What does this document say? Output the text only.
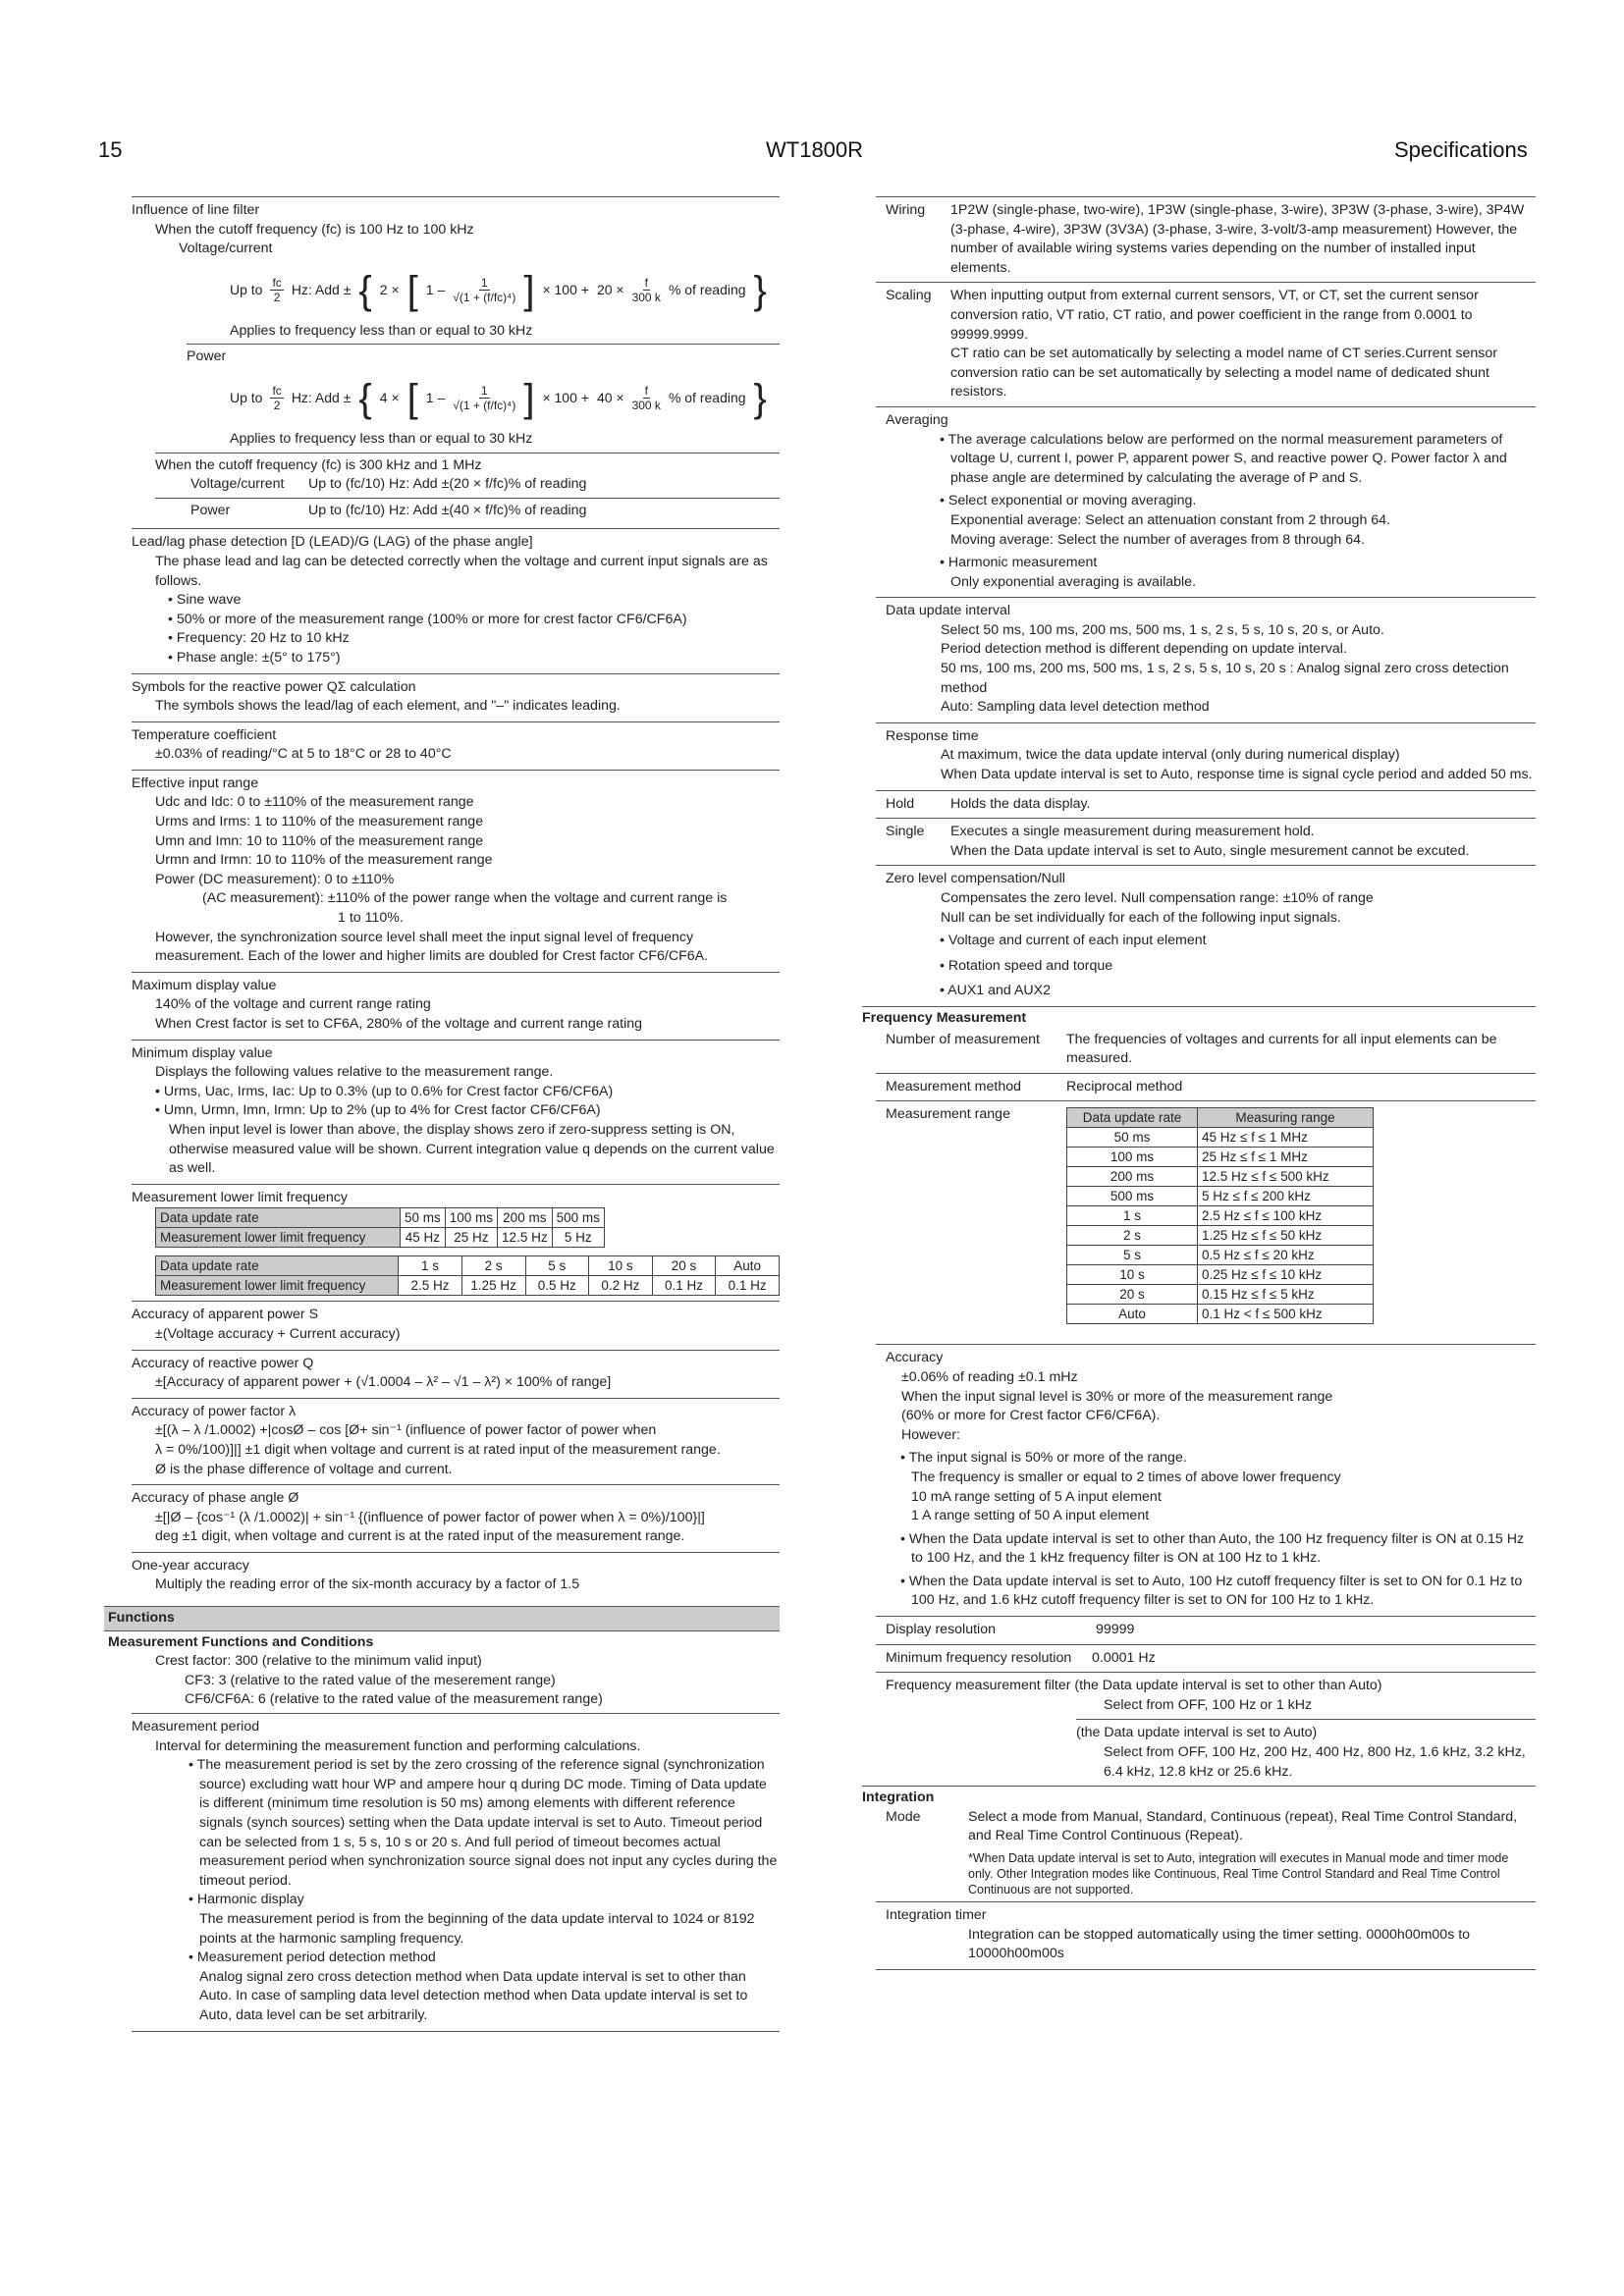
15	WT1800R	Specifications
Influence of line filter
When the cutoff frequency (fc) is 100 Hz to 100 kHz
Voltage/current
Up to $\frac{fc}{2} Hz$: Add ± { 2 × [ $1 - \frac{1}{\text{√(1 + (f/fc)⁴)}}$ ] × $100 + 20 \times \frac{f}{300 k}$ % of reading }
Applies to frequency less than or equal to 30 kHz
Power
Up to $\frac{fc}{2} Hz$: Add ± { 4 × [ $1 - \frac{1}{\text{√(1 + (f/fc)⁴)}}$ ] × $100 + 40 \times \frac{f}{300 k}$ % of reading }
Applies to frequency less than or equal to 30 kHz
When the cutoff frequency (fc) is 300 kHz and 1 MHz
Voltage/current	Up to (fc/10) Hz: Add ±(20 × f/fc)% of reading
Power	Up to (fc/10) Hz: Add ±(40 × f/fc)% of reading
Lead/lag phase detection [D (LEAD)/G (LAG) of the phase angle]
The phase lead and lag can be detected correctly when the voltage and current input signals are as follows.
• Sine wave
• 50% or more of the measurement range (100% or more for crest factor CF6/CF6A)
• Frequency: 20 Hz to 10 kHz
• Phase angle: ±(5° to 175°)
Symbols for the reactive power QΣ calculation
The symbols shows the lead/lag of each element, and "–" indicates leading.
Temperature coefficient
±0.03% of reading/°C at 5 to 18°C or 28 to 40°C
Effective input range
Udc and Idc: 0 to ±110% of the measurement range
Urms and Irms: 1 to 110% of the measurement range
Umn and Imn: 10 to 110% of the measurement range
Urmn and Irmn: 10 to 110% of the measurement range
Power (DC measurement): 0 to ±110%
(AC measurement): ±110% of the power range when the voltage and current range is
1 to 110%.
However, the synchronization source level shall meet the input signal level of frequency measurement. Each of the lower and higher limits are doubled for Crest factor CF6/CF6A.
Maximum display value
140% of the voltage and current range rating
When Crest factor is set to CF6A, 280% of the voltage and current range rating
Minimum display value
Displays the following values relative to the measurement range.
• Urms, Uac, Irms, Iac: Up to 0.3% (up to 0.6% for Crest factor CF6/CF6A)
• Umn, Urmn, Imn, Irmn: Up to 2% (up to 4% for Crest factor CF6/CF6A)
When input level is lower than above, the display shows zero if zero-suppress setting is ON, otherwise measured value will be shown. Current integration value q depends on the current value as well.
Measurement lower limit frequency
Data update rate	50 ms	100 ms	200 ms	500 ms
Measurement lower limit frequency	45 Hz	25 Hz	12.5 Hz	5 Hz
Data update rate	1 s	2 s	5 s	10 s	20 s	Auto
Measurement lower limit frequency	2.5 Hz	1.25 Hz	0.5 Hz	0.2 Hz	0.1 Hz	0.1 Hz
Accuracy of apparent power S
±(Voltage accuracy + Current accuracy)
Accuracy of reactive power Q
±[Accuracy of apparent power + (√1.0004 – λ² – √1 – λ²) × 100% of range]
Accuracy of power factor λ
±[(λ – λ /1.0002) +|cosØ – cos [Ø+ sin⁻¹ (influence of power factor of power when
λ = 0%/100)]|] ±1 digit when voltage and current is at rated input of the measurement range.
Ø is the phase difference of voltage and current.
Accuracy of phase angle Ø
±[|Ø – {cos⁻¹ (λ /1.0002)| + sin⁻¹ {(influence of power factor of power when λ = 0%)/100}|]
deg ±1 digit, when voltage and current is at the rated input of the measurement range.
One-year accuracy
Multiply the reading error of the six-month accuracy by a factor of 1.5
Functions
Measurement Functions and Conditions
Crest factor: 300 (relative to the minimum valid input)
CF3: 3 (relative to the rated value of the meserement range)
CF6/CF6A: 6 (relative to the rated value of the measurement range)
Measurement period
Interval for determining the measurement function and performing calculations.
• The measurement period is set by the zero crossing of the reference signal (synchronization source) excluding watt hour WP and ampere hour q during DC mode. Timing of Data update is different (minimum time resolution is 50 ms) among elements with different reference signals (synch sources) setting when the Data update interval is set to Auto. Timeout period can be selected from 1 s, 5 s, 10 s or 20 s. And full period of timeout becomes actual measurement period when synchronization source signal does not input any cycles during the timeout period.
• Harmonic display
The measurement period is from the beginning of the data update interval to 1024 or 8192 points at the harmonic sampling frequency.
• Measurement period detection method
Analog signal zero cross detection method when Data update interval is set to other than Auto. In case of sampling data level detection method when Data update interval is set to Auto, data level can be set arbitrarily.
Wiring	1P2W (single-phase, two-wire), 1P3W (single-phase, 3-wire), 3P3W (3-phase, 3-wire), 3P4W (3-phase, 4-wire), 3P3W (3V3A) (3-phase, 3-wire, 3-volt/3-amp measurement) However, the number of available wiring systems varies depending on the number of installed input elements.
Scaling	When inputting output from external current sensors, VT, or CT, set the current sensor conversion ratio, VT ratio, CT ratio, and power coefficient in the range from 0.0001 to 99999.9999.
CT ratio can be set automatically by selecting a model name of CT series.Current sensor conversion ratio can be set automatically by selecting a model name of dedicated shunt resistors.
Averaging
• The average calculations below are performed on the normal measurement parameters of voltage U, current I, power P, apparent power S, and reactive power Q. Power factor λ and phase angle are determined by calculating the average of P and S.
• Select exponential or moving averaging.
Exponential average: Select an attenuation constant from 2 through 64.
Moving average: Select the number of averages from 8 through 64.
• Harmonic measurement
Only exponential averaging is available.
Data update interval
Select 50 ms, 100 ms, 200 ms, 500 ms, 1 s, 2 s, 5 s, 10 s, 20 s, or Auto.
Period detection method is different depending on update interval.
50 ms, 100 ms, 200 ms, 500 ms, 1 s, 2 s, 5 s, 10 s, 20 s : Analog signal zero cross detection method
Auto: Sampling data level detection method
Response time
At maximum, twice the data update interval (only during numerical display)
When Data update interval is set to Auto, response time is signal cycle period and added 50 ms.
Hold	Holds the data display.
Single	Executes a single measurement during measurement hold.
When the Data update interval is set to Auto, single mesurement cannot be excuted.
Zero level compensation/Null
Compensates the zero level. Null compensation range: ±10% of range
Null can be set individually for each of the following input signals.
• Voltage and current of each input element
• Rotation speed and torque
• AUX1 and AUX2
Frequency Measurement
Number of measurement	The frequencies of voltages and currents for all input elements can be measured.
Measurement method	Reciprocal method
Measurement range	Data update rate	Measuring range
50 ms	45 Hz ≤ f ≤ 1 MHz
100 ms	25 Hz ≤ f ≤ 1 MHz
200 ms	12.5 Hz ≤ f ≤ 500 kHz
500 ms	5 Hz ≤ f ≤ 200 kHz
1 s	2.5 Hz ≤ f ≤ 100 kHz
2 s	1.25 Hz ≤ f ≤ 50 kHz
5 s	0.5 Hz ≤ f ≤ 20 kHz
10 s	0.25 Hz ≤ f ≤ 10 kHz
20 s	0.15 Hz ≤ f ≤ 5 kHz
Auto	0.1 Hz < f ≤ 500 kHz
Accuracy
±0.06% of reading ±0.1 mHz
When the input signal level is 30% or more of the measurement range
(60% or more for Crest factor CF6/CF6A).
However:
• The input signal is 50% or more of the range.
The frequency is smaller or equal to 2 times of above lower frequency
10 mA range setting of 5 A input element
1 A range setting of 50 A input element
• When the Data update interval is set to other than Auto, the 100 Hz frequency filter is ON at 0.15 Hz to 100 Hz, and the 1 kHz frequency filter is ON at 100 Hz to 1 kHz.
• When the Data update interval is set to Auto, 100 Hz cutoff frequency filter is set to ON for 0.1 Hz to 100 Hz, and 1.6 kHz cutoff frequency filter is set to ON for 100 Hz to 1 kHz.
Display resolution	99999
Minimum frequency resolution	0.0001 Hz
Frequency measurement filter
(the Data update interval is set to other than Auto)
Select from OFF, 100 Hz or 1 kHz
(the Data update interval is set to Auto)
Select from OFF, 100 Hz, 200 Hz, 400 Hz, 800 Hz, 1.6 kHz, 3.2 kHz, 6.4 kHz, 12.8 kHz or 25.6 kHz.
Integration
Mode	Select a mode from Manual, Standard, Continuous (repeat), Real Time Control Standard, and Real Time Control Continuous (Repeat).
*When Data update interval is set to Auto, integration will executes in Manual mode and timer mode only. Other Integration modes like Continuous, Real Time Control Standard and Real Time Control Continuous are not supported.
Integration timer
Integration can be stopped automatically using the timer setting. 0000h00m00s to 10000h00m00s
